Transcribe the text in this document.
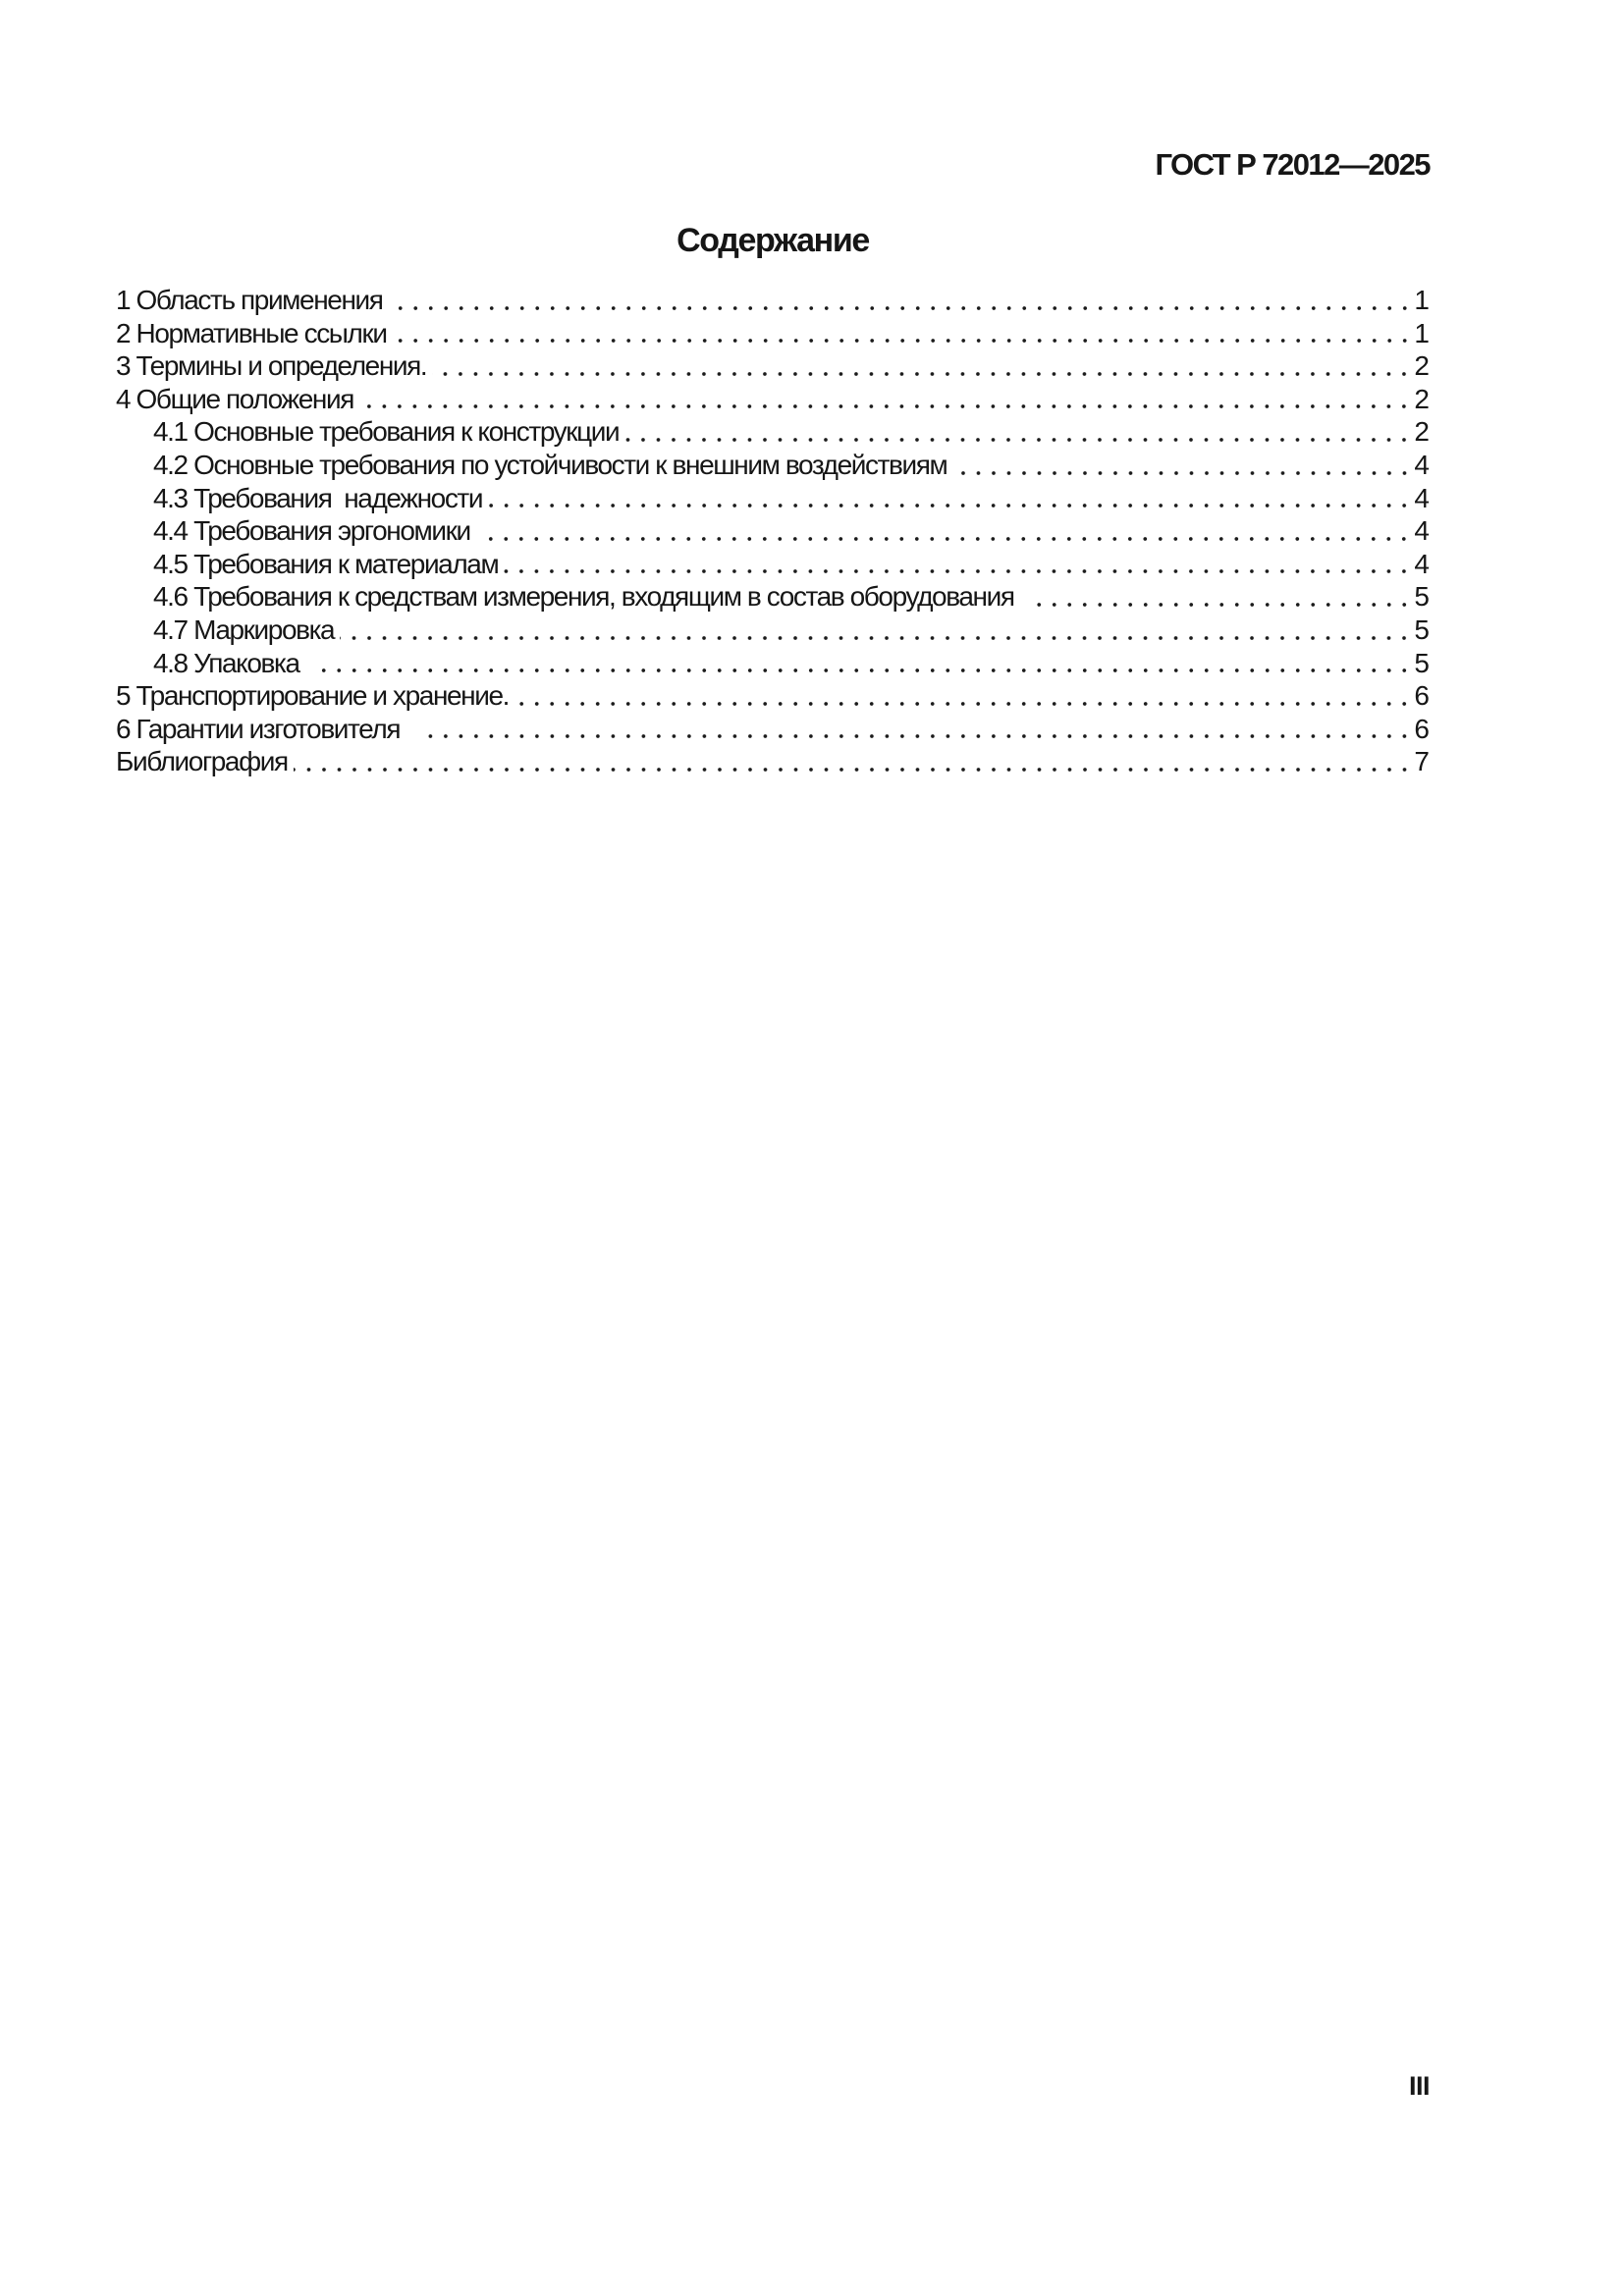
ГОСТ Р 72012—2025
Содержание
1 Область применения	1
2 Нормативные ссылки	1
3 Термины и определения.	2
4 Общие положения	2
4.1 Основные требования к конструкции	2
4.2 Основные требования по устойчивости к внешним воздействиям	4
4.3 Требования  надежности	4
4.4 Требования эргономики	4
4.5 Требования к материалам	4
4.6 Требования к средствам измерения, входящим в состав оборудования	5
4.7 Маркировка	5
4.8 Упаковка	5
5 Транспортирование и хранение.	6
6 Гарантии изготовителя	6
Библиография	7
III
